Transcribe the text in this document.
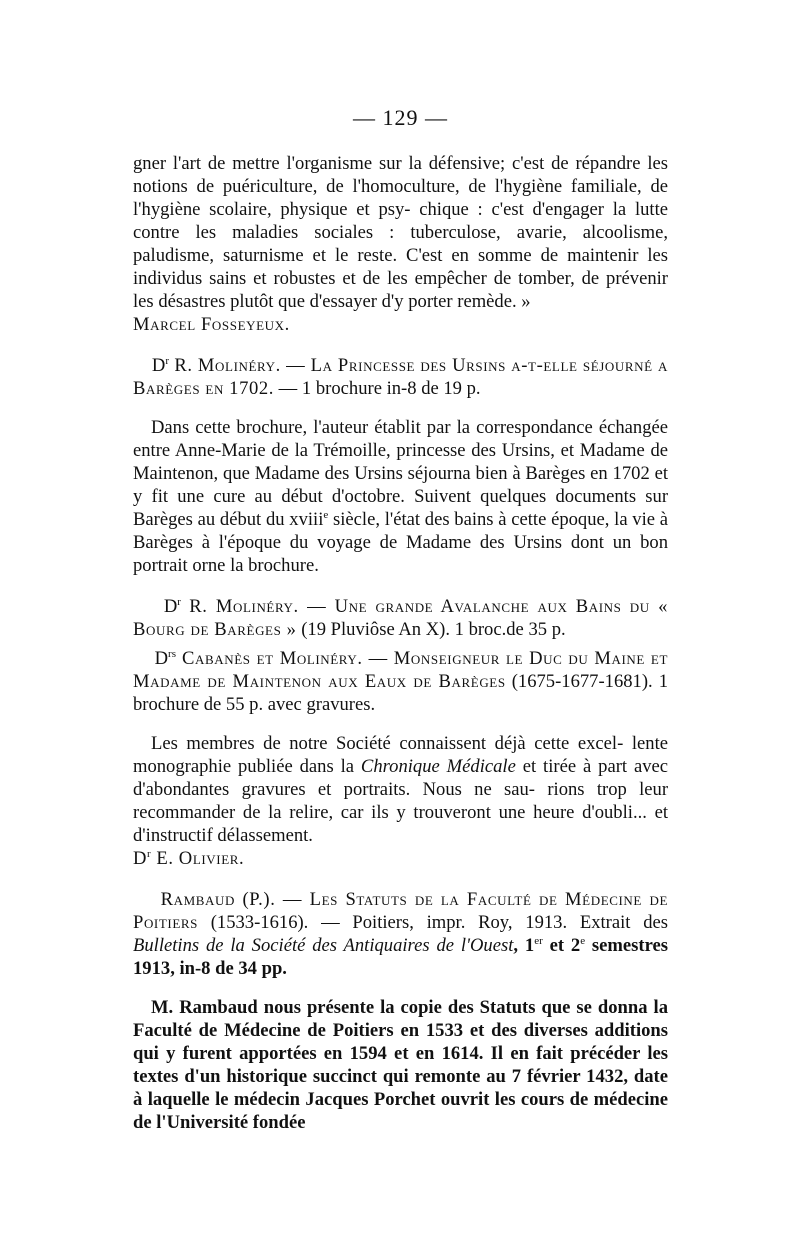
— 129 —

gner l'art de mettre l'organisme sur la défensive; c'est de répandre les notions de puériculture, de l'homoculture, de l'hygiène familiale, de l'hygiène scolaire, physique et psy- chique : c'est d'engager la lutte contre les maladies sociales : tuberculose, avarie, alcoolisme, paludisme, saturnisme et le reste. C'est en somme de maintenir les individus sains et robustes et de les empêcher de tomber, de prévenir les désastres plutôt que d'essayer d'y porter remède. »

Marcel Fosseyeux.

$D^r$ R. Molinéry. — La Princesse des Ursins a-t-elle séjourné a Barèges en 1702. — 1 brochure in-8 de 19 p.

Dans cette brochure, l'auteur établit par la correspondance échangée entre Anne-Marie de la Trémoille, princesse des Ursins, et Madame de Maintenon, que Madame des Ursins séjourna bien à Barèges en 1702 et y fit une cure au début d'octobre. Suivent quelques documents sur Barèges au début du xviii$^e$ siècle, l'état des bains à cette époque, la vie à Barèges à l'époque du voyage de Madame des Ursins dont un bon portrait orne la brochure.

$D^r$ R. Molinéry. — Une grande Avalanche aux Bains du « Bourg de Barèges » (19 Pluviôse An X). 1 broc.de 35 p.

$D^{rs}$ Cabanès et Molinéry. — Monseigneur le Duc du Maine et Madame de Maintenon aux Eaux de Barèges (1675-1677-1681). 1 brochure de 55 p. avec gravures.

Les membres de notre Société connaissent déjà cette excel- lente monographie publiée dans la Chronique Médicale et tirée à part avec d'abondantes gravures et portraits. Nous ne sau- rions trop leur recommander de la relire, car ils y trouveront une heure d'oubli... et d'instructif délassement.

$D^r$ E. Olivier.

Rambaud (P.). — Les Statuts de la Faculté de Médecine de Poitiers (1533-1616). — Poitiers, impr. Roy, 1913. Extrait des Bulletins de la Société des Antiquaires de l'Ouest, 1er et 2e semestres 1913, in-8 de 34 pp.

M. Rambaud nous présente la copie des Statuts que se donna la Faculté de Médecine de Poitiers en 1533 et des diverses additions qui y furent apportées en 1594 et en 1614. Il en fait précéder les textes d'un historique succinct qui remonte au 7 février 1432, date à laquelle le médecin Jacques Porchet ouvrit les cours de médecine de l'Université fondée
